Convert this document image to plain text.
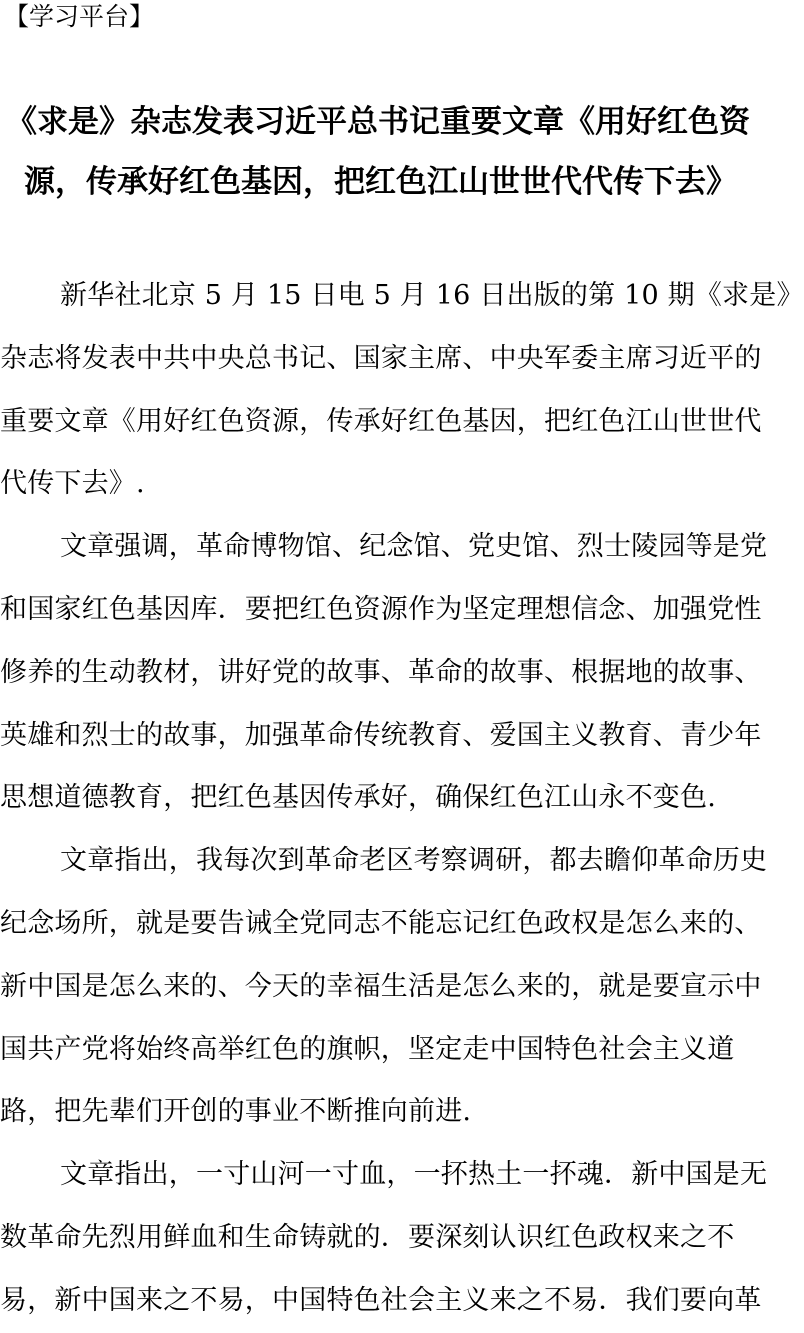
【学习平台】
《求是》杂志发表习近平总书记重要文章《用好红色资
源，传承好红色基因，把红色江山世世代代传下去》
新华社北京 5 月 15 日电 5 月 16 日出版的第 10 期《求是》
杂志将发表中共中央总书记、国家主席、中央军委主席习近平的
重要文章《用好红色资源，传承好红色基因，把红色江山世世代
代传下去》.
文章强调，革命博物馆、纪念馆、党史馆、烈士陵园等是党
和国家红色基因库．要把红色资源作为坚定理想信念、加强党性
修养的生动教材，讲好党的故事、革命的故事、根据地的故事、
英雄和烈士的故事，加强革命传统教育、爱国主义教育、青少年
思想道德教育，把红色基因传承好，确保红色江山永不变色.
文章指出，我每次到革命老区考察调研，都去瞻仰革命历史
纪念场所，就是要告诫全党同志不能忘记红色政权是怎么来的、
新中国是怎么来的、今天的幸福生活是怎么来的，就是要宣示中
国共产党将始终高举红色的旗帜，坚定走中国特色社会主义道
路，把先辈们开创的事业不断推向前进.
文章指出，一寸山河一寸血，一抔热土一抔魂．新中国是无
数革命先烈用鲜血和生命铸就的．要深刻认识红色政权来之不
易，新中国来之不易，中国特色社会主义来之不易．我们要向革
